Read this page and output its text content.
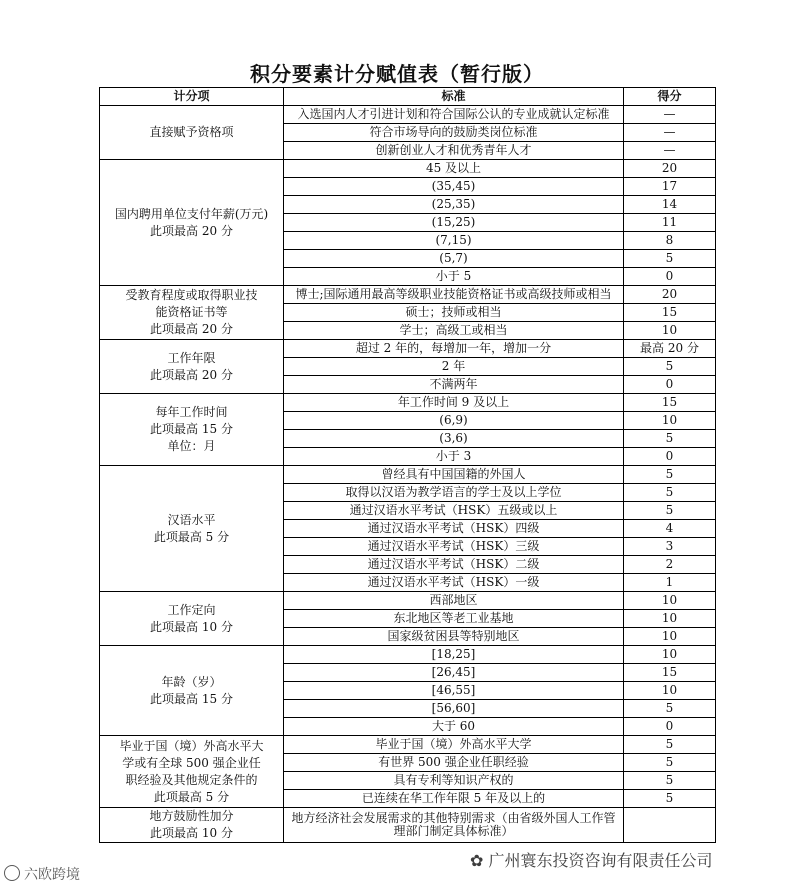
积分要素计分赋值表（暂行版）
计分项	标准	得分

直接赋予资格项	入选国内人才引进计划和符合国际公认的专业成就认定标准	—
	符合市场导向的鼓励类岗位标准	—
	创新创业人才和优秀青年人才	—

国内聘用单位支付年薪(万元)
此项最高 20 分	45 及以上	20
	(35,45)	17
	(25,35)	14
	(15,25)	11
	(7,15)	8
	(5,7)	5
	小于 5	0

受教育程度或取得职业技
能资格证书等
此项最高 20 分	博士;国际通用最高等级职业技能资格证书或高级技师或相当	20
	硕士；技师或相当	15
	学士；高级工或相当	10

工作年限
此项最高 20 分	超过 2 年的，每增加一年，增加一分	最高 20 分
	2 年	5
	不满两年	0

每年工作时间
此项最高 15 分
单位：月	年工作时间 9 及以上	15
	(6,9)	10
	(3,6)	5
	小于 3	0

汉语水平
此项最高 5 分	曾经具有中国国籍的外国人	5
	取得以汉语为教学语言的学士及以上学位	5
	通过汉语水平考试（HSK）五级或以上	5
	通过汉语水平考试（HSK）四级	4
	通过汉语水平考试（HSK）三级	3
	通过汉语水平考试（HSK）二级	2
	通过汉语水平考试（HSK）一级	1

工作定向
此项最高 10 分	西部地区	10
	东北地区等老工业基地	10
	国家级贫困县等特别地区	10

年龄（岁）
此项最高 15 分	[18,25]	10
	[26,45]	15
	[46,55]	10
	[56,60]	5
	大于 60	0

毕业于国（境）外高水平大
学或有全球 500 强企业任
职经验及其他规定条件的
此项最高 5 分	毕业于国（境）外高水平大学	5
	有世界 500 强企业任职经验	5
	具有专利等知识产权的	5
	已连续在华工作年限 5 年及以上的	5

地方鼓励性加分
此项最高 10 分	地方经济社会发展需求的其他特别需求（由省级外国人工作管理部门制定具体标准）	
六欧跨境
✿ 广州寰东投资咨询有限责任公司
